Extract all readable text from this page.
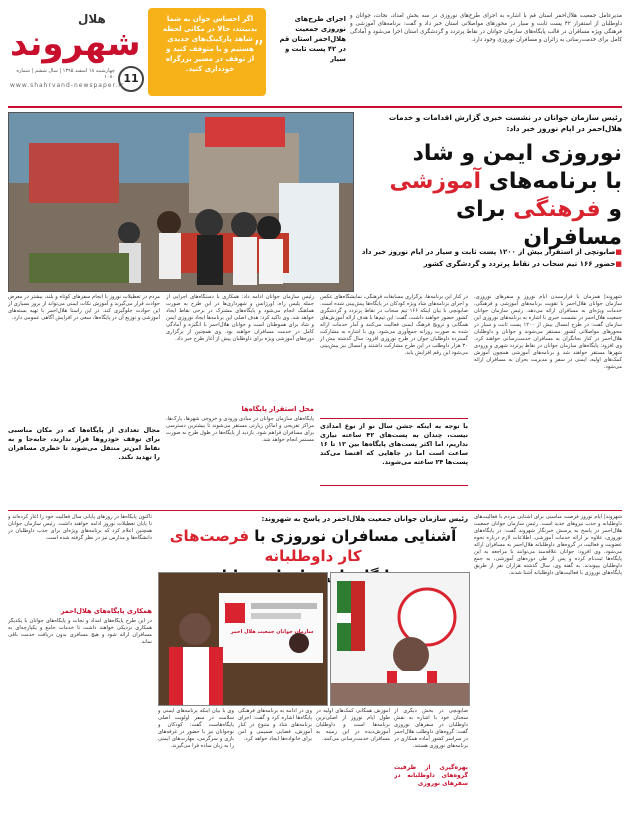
مدیرعامل جمعیت هلال‌احمر استان قم با اشاره به اجرای طرح‌های نوروزی در سه بخش امداد، نجات، جوانان و داوطلبان از استقرار ۴۲ پست ثابت و سیار در محورهای مواصلاتی استان خبر داد و گفت: برنامه‌های آموزشی و فرهنگی ویژه مسافران در قالب پایگاه‌های سازمان جوانان در نقاط پرتردد و گردشگری استان اجرا می‌شود و آمادگی کامل برای خدمت‌رسانی به زائران و مسافران نوروزی وجود دارد.
اجرای طرح‌های نوروزی جمعیت هلال‌احمر استان قم در ۴۲ پست ثابت و سیار
”
اگر احساس جوان به شما بدبینند، حالا در مکانی لحظه شاهد پارکینگ‌های جدیدی هستیم و با متوقف کنید و از توقف در مسیر بزرگراه خودداری کنید.
هلال
شهروند
11
چهارشنبه ۱۸ اسفند ۱۳۹۵ | سال ششم | شماره ۱۰۸۰
www.shahrvand-newspaper.ir
رئیس سازمان جوانان در نشست خبری گزارش اقدامات و خدمات هلال‌احمر در ایام نوروز خبر داد:
نوروزی ایمن و شاد
با برنامه‌های آموزشی
و فرهنگی برای مسافران
■صابونچی از استقرار بیش از ۱۲۰۰ پست ثابت و سیار در ایام نوروز خبر داد
■حضور ۱۶۶ تیم سحاب در نقاط پرتردد و گردشگری کشور
شهروند| همزمان با فرارسیدن ایام نوروز و سفرهای نوروزی، سازمان جوانان هلال‌احمر با تقویت برنامه‌های آموزشی و فرهنگی، خدمات ویژه‌ای به مسافران ارائه می‌دهد. رئیس سازمان جوانان جمعیت هلال‌احمر در نشست خبری با اشاره به برنامه‌های نوروزی این سازمان گفت: در طرح امسال بیش از ۱۲۰۰ پست ثابت و سیار در محورهای مواصلاتی کشور مستقر می‌شوند و جوانان و داوطلبان هلال‌احمر در کنار نجاتگران به مسافران خدمت‌رسانی خواهند کرد. وی افزود: پایگاه‌های سازمان جوانان در نقاط پرتردد شهری و ورودی شهرها مستقر خواهند شد و برنامه‌های آموزشی همچون آموزش کمک‌های اولیه، ایمنی در سفر و مدیریت بحران به مسافران ارائه می‌شود.
در کنار این برنامه‌ها، برگزاری مسابقات فرهنگی، نمایشگاه‌های عکس و اجرای برنامه‌های شاد ویژه کودکان در پایگاه‌ها پیش‌بینی شده است. صابونچی با بیان اینکه ۱۶۶ تیم سحاب در نقاط پرتردد و گردشگری کشور حضور خواهند داشت، گفت: این تیم‌ها با هدف ارائه آموزش‌های همگانی و ترویج فرهنگ ایمنی فعالیت می‌کنند و آمار خدمات ارائه شده به صورت روزانه جمع‌آوری می‌شود. وی با اشاره به مشارکت گسترده داوطلبان جوان در طرح نوروزی افزود: سال گذشته بیش از ۳۰ هزار داوطلب در این طرح مشارکت داشتند و امسال نیز پیش‌بینی می‌شود این رقم افزایش یابد.
با توجه به اینکه جشن سال نو از نوع امدادی نیست، چندان به پست‌های ۴۲ ساعته نیازی نداریم، اما اکثر پست‌های پایگاه‌ها بین ۱۲ تا ۱۶ ساعت است اما در جاهایی که اقتضا می‌کند پست‌ها ۲۴ ساعته می‌شوند.
رئیس سازمان جوانان ادامه داد: همکاری با دستگاه‌های اجرایی از جمله پلیس راه، اورژانس و شهرداری‌ها در این طرح به صورت هماهنگ انجام می‌شود و پایگاه‌های مشترک در برخی نقاط ایجاد خواهد شد. وی تاکید کرد: هدف اصلی این برنامه‌ها ایجاد نوروزی ایمن و شاد برای هموطنان است و جوانان هلال‌احمر با انگیزه و آمادگی کامل در خدمت مسافران خواهند بود. وی همچنین از برگزاری دوره‌های آموزشی ویژه برای داوطلبان پیش از آغاز طرح خبر داد.
محل استقرار پایگاه‌ها
پایگاه‌های سازمان جوانان در مبادی ورودی و خروجی شهرها، پارک‌ها، مراکز تفریحی و اماکن زیارتی مستقر می‌شوند تا بیشترین دسترسی برای مسافران فراهم شود. بازدید از پایگاه‌ها در طول طرح به صورت مستمر انجام خواهد شد.
مردم در تعطیلات نوروز با انجام سفرهای کوتاه و بلند، بیشتر در معرض حوادث قرار می‌گیرند و آموزش نکات ایمنی می‌تواند از بروز بسیاری از این حوادث جلوگیری کند. در این راستا هلال‌احمر با تهیه بسته‌های آموزشی و توزیع آن در پایگاه‌ها، سعی در افزایش آگاهی عمومی دارد.
مجال تعدادی از پایگاه‌ها که در مکان مناسبی برای توقف خودروها قرار ندارند، جابه‌جا و به نقاط امن‌تر منتقل می‌شوند تا خطری مسافران را تهدید نکند.
شهروند| ایام نوروز فرصت مناسبی برای آشنایی مردم با فعالیت‌های داوطلبانه و جذب نیروهای جدید است. رئیس سازمان جوانان جمعیت هلال‌احمر در پاسخ به پرسش خبرنگار شهروند گفت: در پایگاه‌های نوروزی، علاوه بر ارائه خدمات آموزشی، اطلاعات لازم درباره نحوه عضویت و فعالیت در گروه‌های داوطلبانه هلال‌احمر به مسافران ارائه می‌شود. وی افزود: جوانان علاقه‌مند می‌توانند با مراجعه به این پایگاه‌ها ثبت‌نام کرده و پس از طی دوره‌های آموزشی، به جمع داوطلبان بپیوندند. به گفته وی، سال گذشته هزاران نفر از طریق پایگاه‌های نوروزی با فعالیت‌های داوطلبانه آشنا شدند.
رئیس سازمان جوانان جمعیت هلال‌احمر در پاسخ به شهروند:
آشنایی مسافران نوروزی با فرصت‌های کار داوطلبانه
سازمان جوانان جمعیت هلال احمر
تاکنون پایگاه‌ها در روزهای پایانی سال فعالیت خود را آغاز کرده‌اند و تا پایان تعطیلات نوروز ادامه خواهند داشت. رئیس سازمان جوانان همچنین اعلام کرد که برنامه‌های ویژه‌ای برای جذب داوطلبان در دانشگاه‌ها و مدارس نیز در نظر گرفته شده است.
همکاری پایگاه‌های هلال‌احمر
در این طرح پایگاه‌های امداد و نجات و پایگاه‌های جوانان با یکدیگر همکاری نزدیکی خواهند داشت تا خدمات جامع و یکپارچه‌ای به مسافران ارائه شود و هیچ مسافری بدون دریافت خدمت باقی نماند.
صابونچی در بخش دیگری از سخنان خود با اشاره به نقش داوطلبان در سفرهای نوروزی گفت: گروه‌های داوطلب هلال‌احمر در سراسر کشور آماده همکاری در برنامه‌های نوروزی هستند.
بهره‌گیری از ظرفیت گروه‌های داوطلبانه در سفرهای نوروزی
آموزش همگانی کمک‌های اولیه در طول ایام نوروز از اصلی‌ترین برنامه‌ها است و داوطلبان آموزش‌دیده در این زمینه به مسافران خدمت‌رسانی می‌کنند.
وی در ادامه به برنامه‌های فرهنگی پایگاه‌ها اشاره کرد و گفت: اجرای برنامه‌های شاد و متنوع در کنار آموزش، فضایی صمیمی و امن برای خانواده‌ها ایجاد خواهد کرد.
وی با بیان اینکه برنامه‌های ایمنی و سلامت در سفر اولویت اصلی پایگاه‌هاست گفت: کودکان و نوجوانان نیز با حضور در غرفه‌های بازی و سرگرمی، مهارت‌های ایمنی را به زبان ساده فرا می‌گیرند.
